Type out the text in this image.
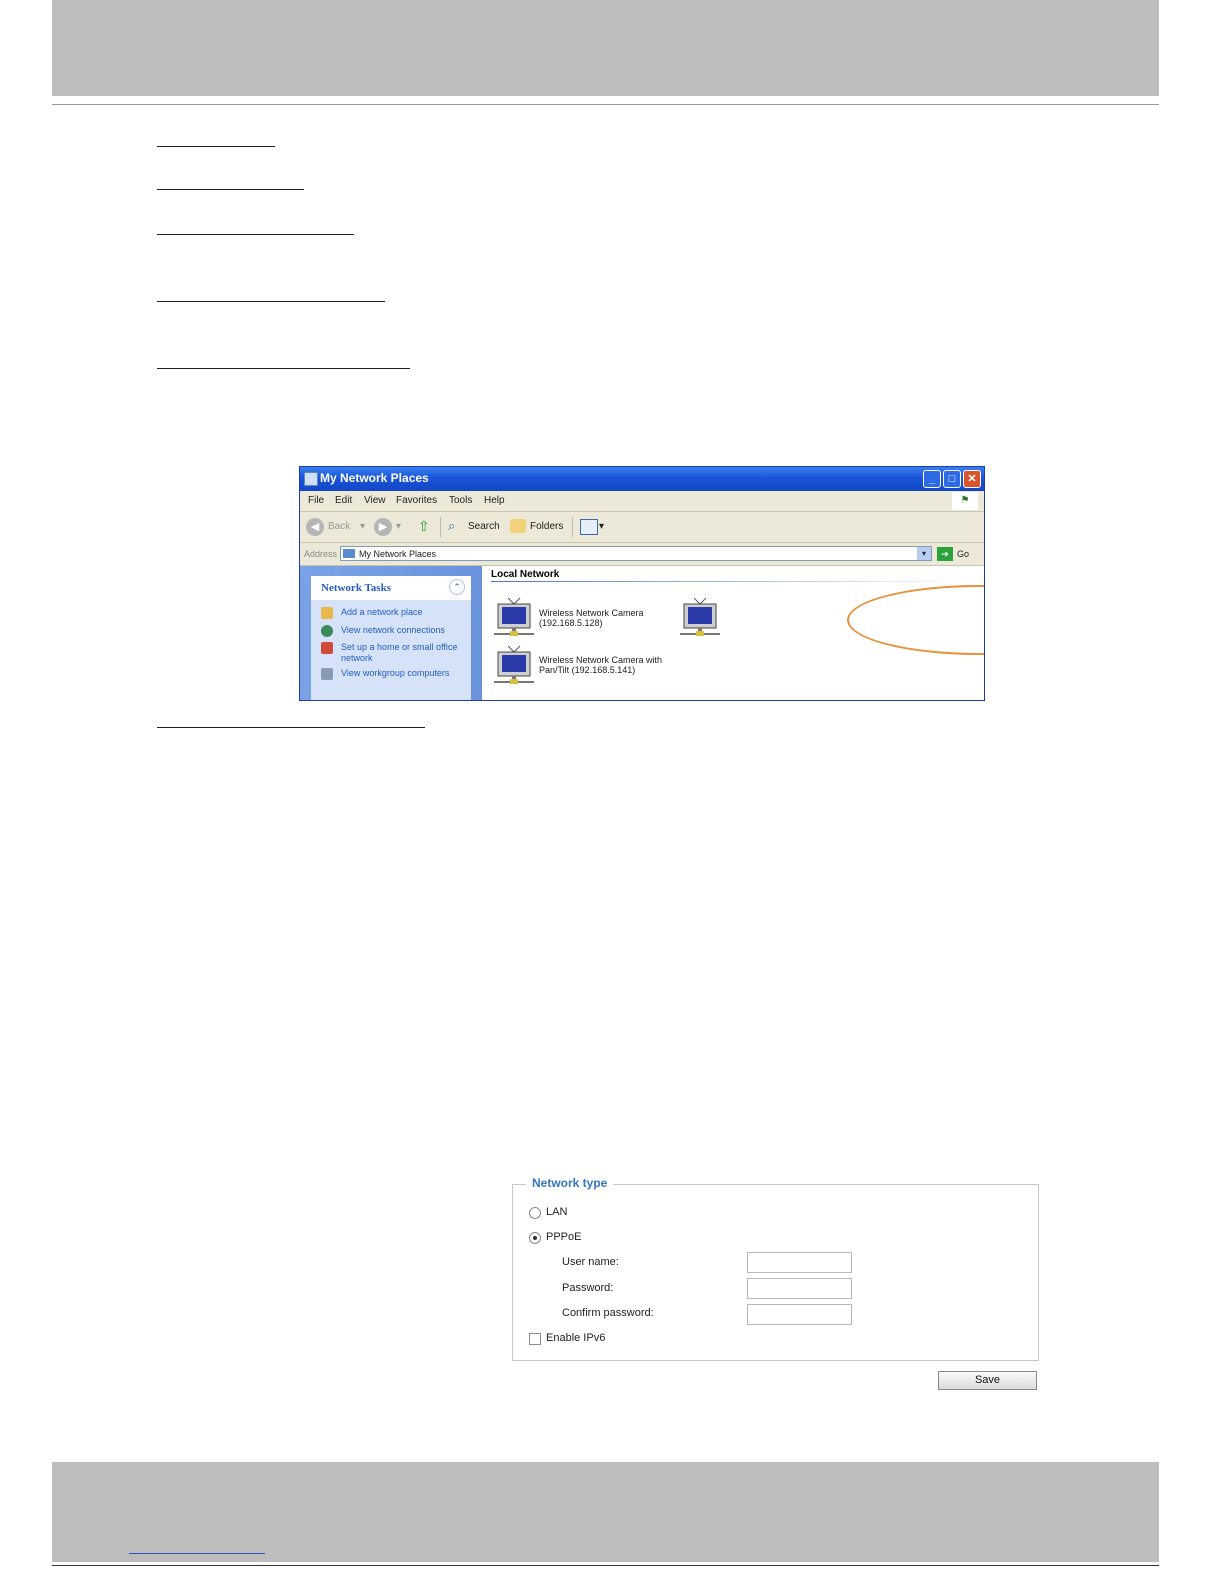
My Network Places	_	□	✕
File Edit View Favorites Tools Help	⚑
◀ Back ▾	▶ ▾ ⇧	⌕	Search	Folders	▾
Address My Network Places	▾	➔ Go
Network Tasks	⌃
Add a network place
View network connections
Set up a home or small office network
View workgroup computers
Local Network
Wireless Network Camera (192.168.5.128)
Wireless Network Camera with Pan/Tilt (192.168.5.141)
Network type
LAN
PPPoE
User name:
Password:
Confirm password:
Enable IPv6
Save
